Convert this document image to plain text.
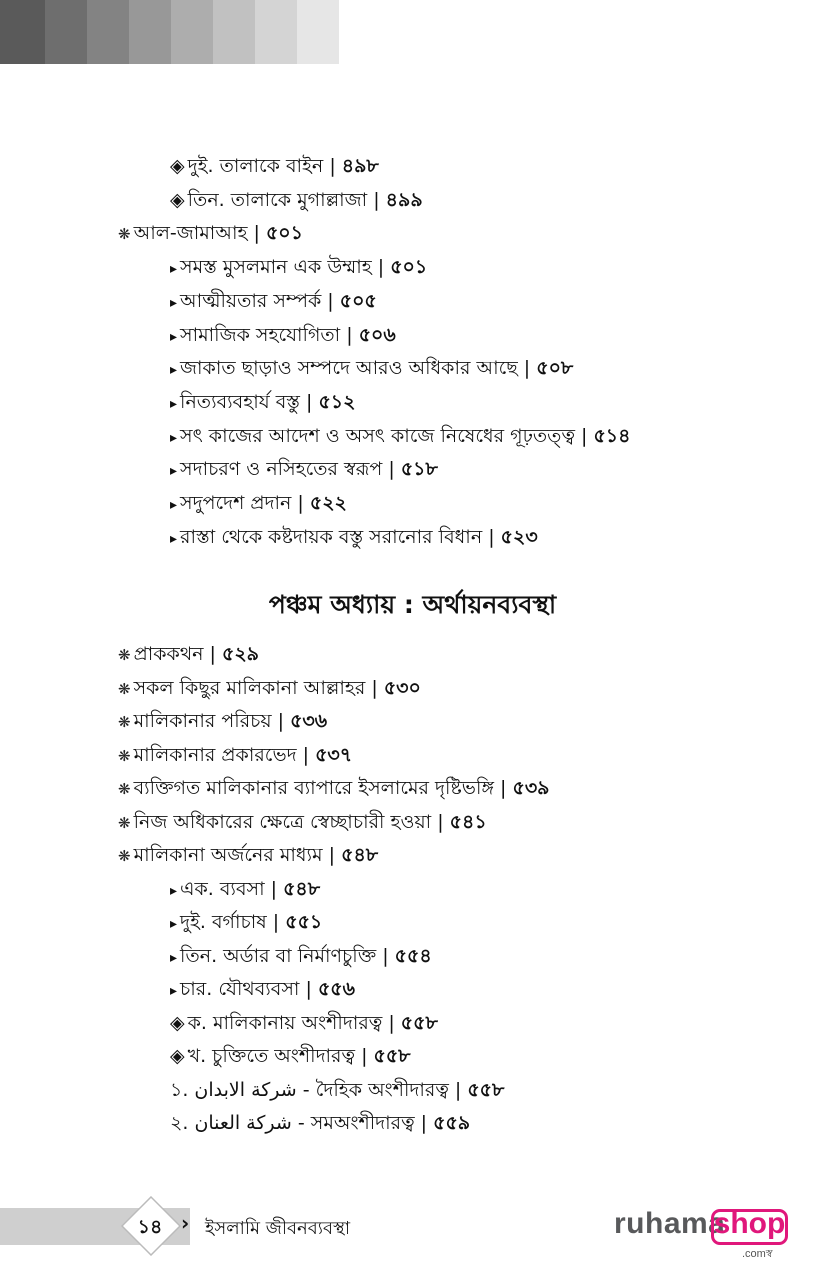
◈ দুই. তালাকে বাইন | ৪৯৮
◈ তিন. তালাকে মুগাল্লাজা | ৪৯৯
❋ আল-জামাআহ | ৫০১
▸ সমস্ত মুসলমান এক উম্মাহ | ৫০১
▸ আত্মীয়তার সম্পর্ক | ৫০৫
▸ সামাজিক সহযোগিতা | ৫০৬
▸ জাকাত ছাড়াও সম্পদে আরও অধিকার আছে | ৫০৮
▸ নিত্যব্যবহার্য বস্তু | ৫১২
▸ সৎ কাজের আদেশ ও অসৎ কাজে নিষেধের গূঢ়তত্ত্ব | ৫১৪
▸ সদাচরণ ও নসিহতের স্বরূপ | ৫১৮
▸ সদুপদেশ প্রদান | ৫২২
▸ রাস্তা থেকে কষ্টদায়ক বস্তু সরানোর বিধান | ৫২৩
❋ প্রাককথন | ৫২৯
❋ সকল কিছুর মালিকানা আল্লাহর | ৫৩০
❋ মালিকানার পরিচয় | ৫৩৬
❋ মালিকানার প্রকারভেদ | ৫৩৭
❋ ব্যক্তিগত মালিকানার ব্যাপারে ইসলামের দৃষ্টিভঙ্গি | ৫৩৯
❋ নিজ অধিকারের ক্ষেত্রে স্বেচ্ছাচারী হওয়া | ৫৪১
❋ মালিকানা অর্জনের মাধ্যম | ৫৪৮
▸ এক. ব্যবসা | ৫৪৮
▸ দুই. বর্গাচাষ | ৫৫১
▸ তিন. অর্ডার বা নির্মাণচুক্তি | ৫৫৪
▸ চার. যৌথব্যবসা | ৫৫৬
◈ ক. মালিকানায় অংশীদারত্ব | ৫৫৮
◈ খ. চুক্তিতে অংশীদারত্ব | ৫৫৮
১. شركة الابدان - দৈহিক অংশীদারত্ব | ৫৫৮
২. شركة العنان - সমঅংশীদারত্ব | ৫৫৯
পঞ্চম অধ্যায় : অর্থায়নব্যবস্থা
১৪ › ইসলামি জীবনব্যবস্থা	ruhama
shop
.comস্ব
